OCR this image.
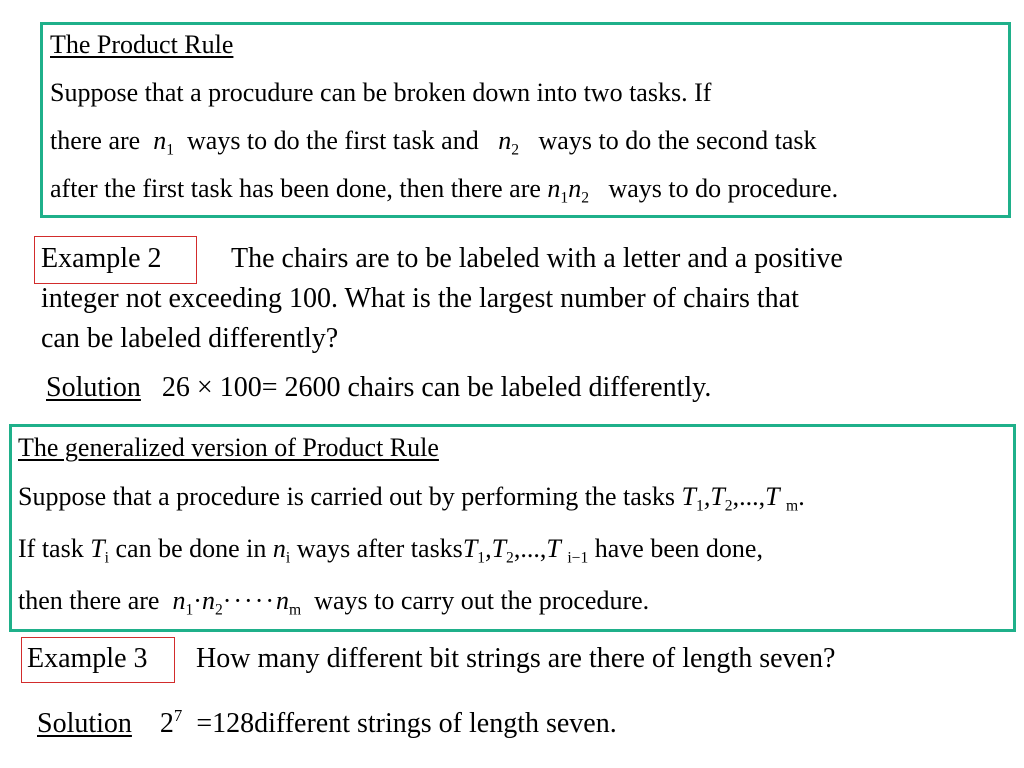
The Product Rule
Suppose that a procudure can be broken down into two tasks. If
there are $n_1$ ways to do the first task and $n_2$ ways to do the second task
after the first task has been done, then there are $n_1n_2$ ways to do procedure.
Example 2 The chairs are to be labeled with a letter and a positive
integer not exceeding 100. What is the largest number of chairs that
can be labeled differently?
Solution 26 × 100= 2600 chairs can be labeled differently.
The generalized version of Product Rule
Suppose that a procedure is carried out by performing the tasks $T_1,T_2,...,T$ $_m$.
If task $T_i$ can be done in $n_i$ ways after $tasksT_1,T_2,...,T$ $_{i-1}$ have been done,
then there are $n_1\cdot n_2\cdot\cdot\cdot\cdot\cdot n_m$ ways to carry out the procedure.
Example 3 How many different bit strings are there of length seven?
Solution $2^7$ =128different strings of length seven.
